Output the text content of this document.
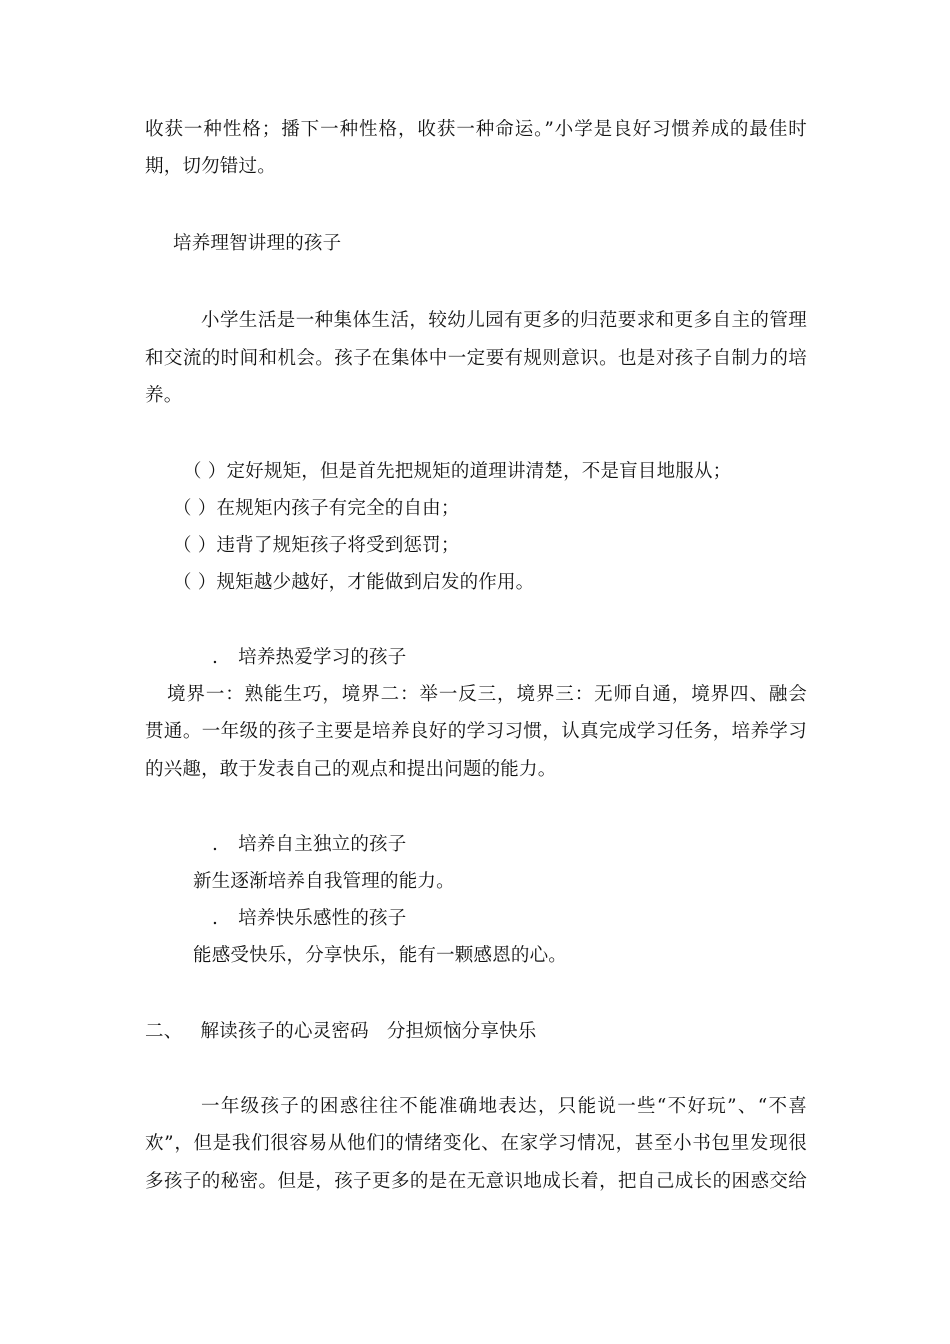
收获一种性格；播下一种性格，收获一种命运。”小学是良好习惯养成的最佳时
期，切勿错过。
培养理智讲理的孩子
小学生活是一种集体生活，较幼儿园有更多的归范要求和更多自主的管理
和交流的时间和机会。孩子在集体中一定要有规则意识。也是对孩子自制力的培
养。
（ ）定好规矩，但是首先把规矩的道理讲清楚，不是盲目地服从；
（ ）在规矩内孩子有完全的自由；
（ ）违背了规矩孩子将受到惩罚；
（ ）规矩越少越好，才能做到启发的作用。
. 培养热爱学习的孩子
境界一：熟能生巧，境界二：举一反三，境界三：无师自通，境界四、融会
贯通。一年级的孩子主要是培养良好的学习习惯，认真完成学习任务，培养学习
的兴趣，敢于发表自己的观点和提出问题的能力。
. 培养自主独立的孩子
新生逐渐培养自我管理的能力。
. 培养快乐感性的孩子
能感受快乐，分享快乐，能有一颗感恩的心。
二、 解读孩子的心灵密码 分担烦恼分享快乐
一年级孩子的困惑往往不能准确地表达，只能说一些“不好玩”、“不喜
欢”，但是我们很容易从他们的情绪变化、在家学习情况，甚至小书包里发现很
多孩子的秘密。但是，孩子更多的是在无意识地成长着，把自己成长的困惑交给
